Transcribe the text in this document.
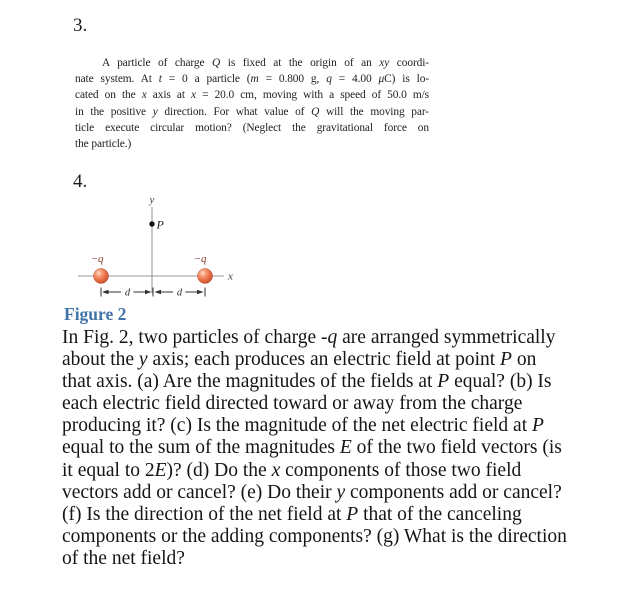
3.
A particle of charge Q is fixed at the origin of an xy coordi-
nate system. At t = 0 a particle (m = 0.800 g, q = 4.00 μC) is lo-
cated on the x axis at x = 20.0 cm, moving with a speed of 50.0 m/s
in the positive y direction. For what value of Q will the moving par-
ticle execute circular motion? (Neglect the gravitational force on
the particle.)
4.
y
x
−q	−q
P
d	d
Figure 2
In Fig. 2, two particles of charge -q are arranged symmetrically
about the y axis; each produces an electric field at point P on
that axis. (a) Are the magnitudes of the fields at P equal? (b) Is
each electric field directed toward or away from the charge
producing it? (c) Is the magnitude of the net electric field at P
equal to the sum of the magnitudes E of the two field vectors (is
it equal to 2E)? (d) Do the x components of those two field
vectors add or cancel? (e) Do their y components add or cancel?
(f) Is the direction of the net field at P that of the canceling
components or the adding components? (g) What is the direction
of the net field?
